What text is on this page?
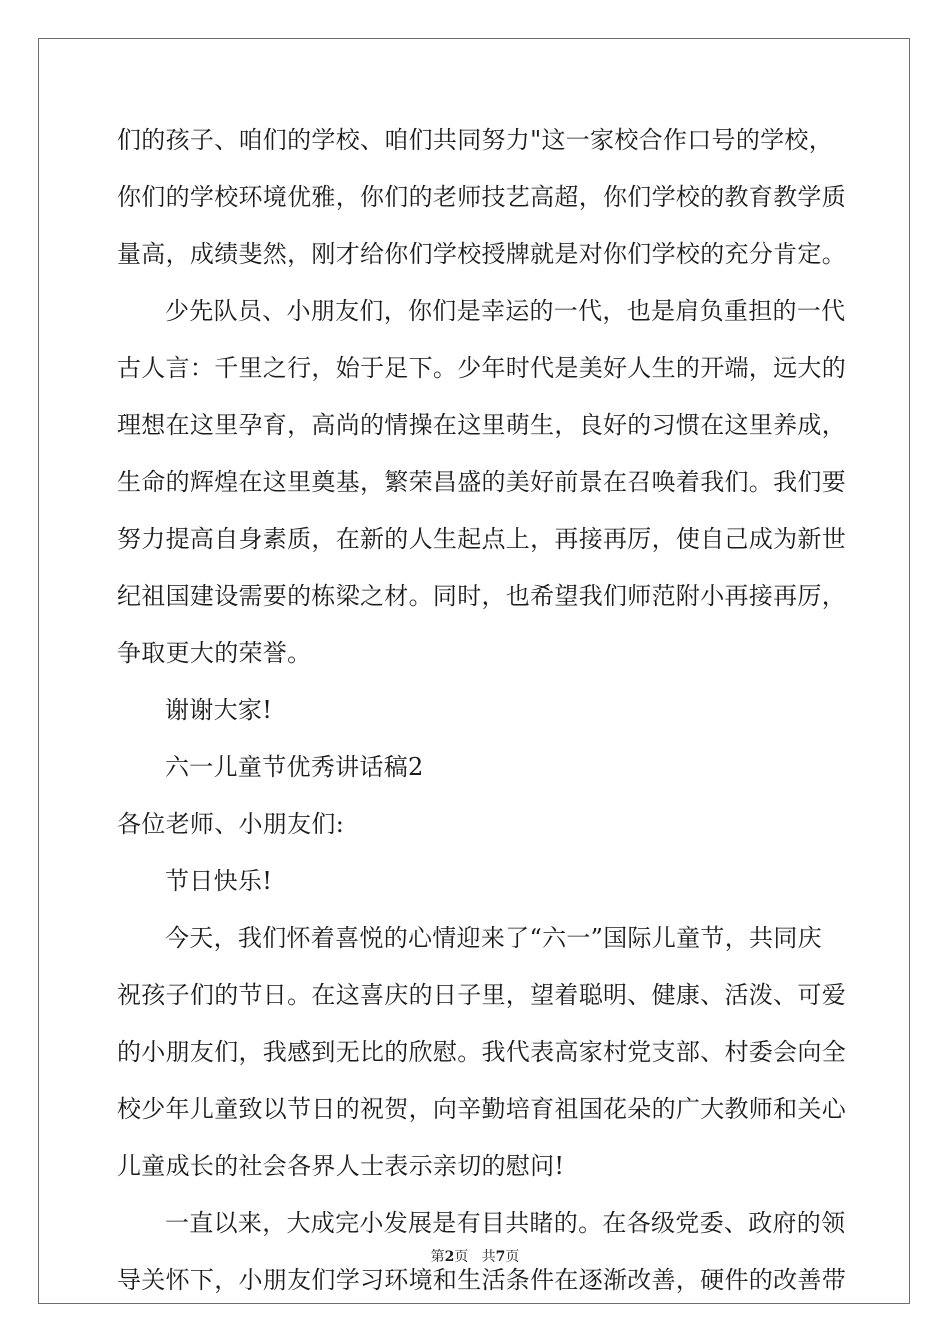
们的孩子、咱们的学校、咱们共同努力"这一家校合作口号的学校，
你们的学校环境优雅，你们的老师技艺高超，你们学校的教育教学质
量高，成绩斐然，刚才给你们学校授牌就是对你们学校的充分肯定。
少先队员、小朋友们，你们是幸运的一代，也是肩负重担的一代
古人言：千里之行，始于足下。少年时代是美好人生的开端，远大的
理想在这里孕育，高尚的情操在这里萌生，良好的习惯在这里养成，
生命的辉煌在这里奠基，繁荣昌盛的美好前景在召唤着我们。我们要
努力提高自身素质，在新的人生起点上，再接再厉，使自己成为新世
纪祖国建设需要的栋梁之材。同时，也希望我们师范附小再接再厉，
争取更大的荣誉。
谢谢大家!
六一儿童节优秀讲话稿2
各位老师、小朋友们:
节日快乐!
今天，我们怀着喜悦的心情迎来了“六一”国际儿童节，共同庆
祝孩子们的节日。在这喜庆的日子里，望着聪明、健康、活泼、可爱
的小朋友们，我感到无比的欣慰。我代表高家村党支部、村委会向全
校少年儿童致以节日的祝贺，向辛勤培育祖国花朵的广大教师和关心
儿童成长的社会各界人士表示亲切的慰问!
一直以来，大成完小发展是有目共睹的。在各级党委、政府的领
导关怀下，小朋友们学习环境和生活条件在逐渐改善，硬件的改善带
第2页 共7页
